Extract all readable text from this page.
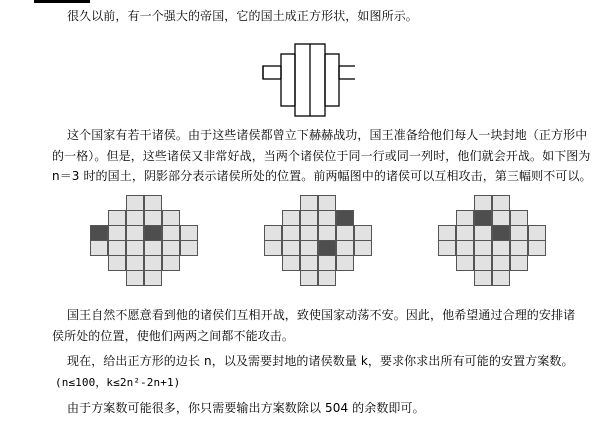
很久以前，有一个强大的帝国，它的国土成正方形状，如图所示。

这个国家有若干诸侯。由于这些诸侯都曾立下赫赫战功，国王准备给他们每人一块封地（正方形中

的一格）。但是，这些诸侯又非常好战，当两个诸侯位于同一行或同一列时，他们就会开战。如下图为

n＝3 时的国土，阴影部分表示诸侯所处的位置。前两幅图中的诸侯可以互相攻击，第三幅则不可以。

国王自然不愿意看到他的诸侯们互相开战，致使国家动荡不安。因此，他希望通过合理的安排诸

侯所处的位置，使他们两两之间都不能攻击。

现在，给出正方形的边长 n，以及需要封地的诸侯数量 k，要求你求出所有可能的安置方案数。

(n≤100，k≤2n²-2n+1)

由于方案数可能很多，你只需要输出方案数除以 504 的余数即可。
